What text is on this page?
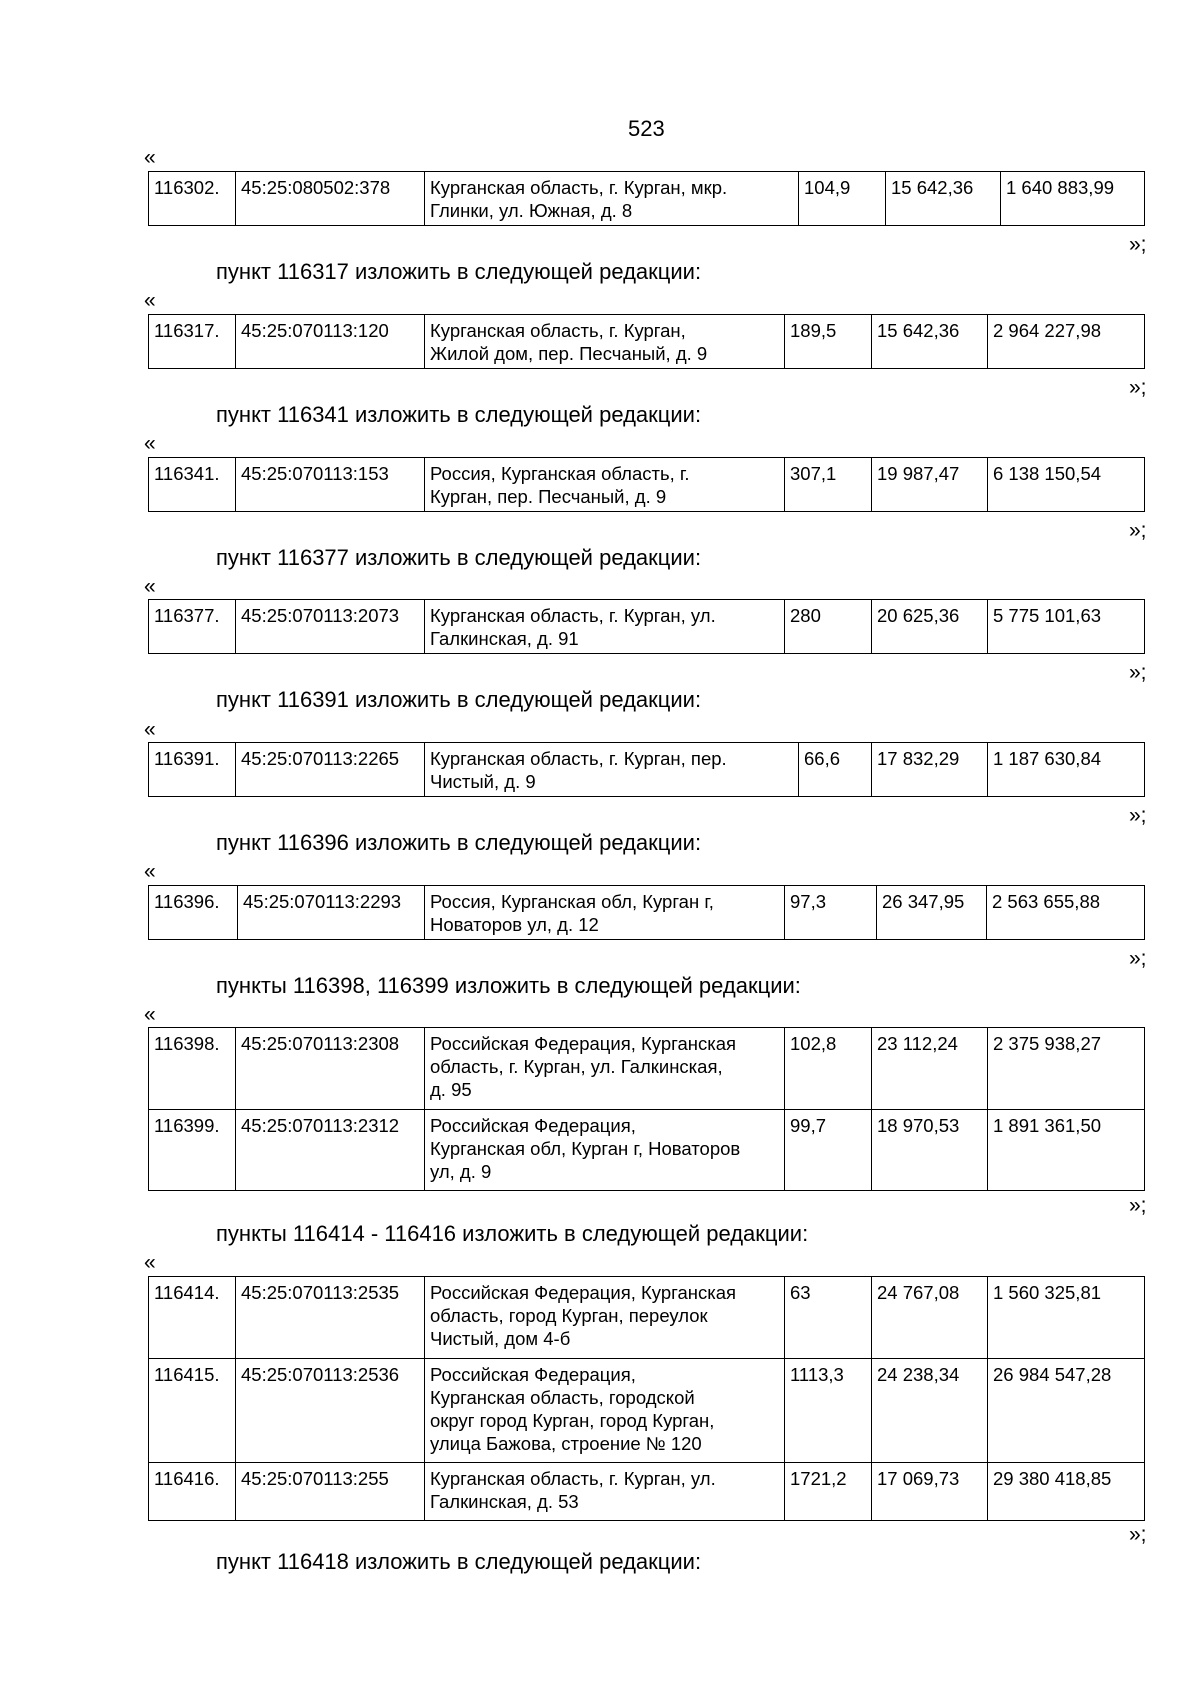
523
«
116302.	45:25:080502:378	Курганская область, г. Курган, мкр.
Глинки, ул. Южная, д. 8	104,9	15 642,36	1 640 883,99
»;
пункт 116317 изложить в следующей редакции:
«
116317.	45:25:070113:120	Курганская область, г. Курган,
Жилой дом, пер. Песчаный, д. 9	189,5	15 642,36	2 964 227,98
»;
пункт 116341 изложить в следующей редакции:
«
116341.	45:25:070113:153	Россия, Курганская область, г.
Курган, пер. Песчаный, д. 9	307,1	19 987,47	6 138 150,54
»;
пункт 116377 изложить в следующей редакции:
«
116377.	45:25:070113:2073	Курганская область, г. Курган, ул.
Галкинская, д. 91	280	20 625,36	5 775 101,63
»;
пункт 116391 изложить в следующей редакции:
«
116391.	45:25:070113:2265	Курганская область, г. Курган, пер.
Чистый, д. 9	66,6	17 832,29	1 187 630,84
»;
пункт 116396 изложить в следующей редакции:
«
116396.	45:25:070113:2293	Россия, Курганская обл, Курган г,
Новаторов ул, д. 12	97,3	26 347,95	2 563 655,88
»;
пункты 116398, 116399 изложить в следующей редакции:
«
116398.	45:25:070113:2308	Российская Федерация, Курганская
область, г. Курган, ул. Галкинская,
д. 95	102,8	23 112,24	2 375 938,27
116399.	45:25:070113:2312	Российская Федерация,
Курганская обл, Курган г, Новаторов
ул, д. 9	99,7	18 970,53	1 891 361,50
»;
пункты 116414 - 116416 изложить в следующей редакции:
«
116414.	45:25:070113:2535	Российская Федерация, Курганская
область, город Курган, переулок
Чистый, дом 4-б	63	24 767,08	1 560 325,81
116415.	45:25:070113:2536	Российская Федерация,
Курганская область, городской
округ город Курган, город Курган,
улица Бажова, строение № 120	1113,3	24 238,34	26 984 547,28
116416.	45:25:070113:255	Курганская область, г. Курган, ул.
Галкинская, д. 53	1721,2	17 069,73	29 380 418,85
»;
пункт 116418 изложить в следующей редакции:
